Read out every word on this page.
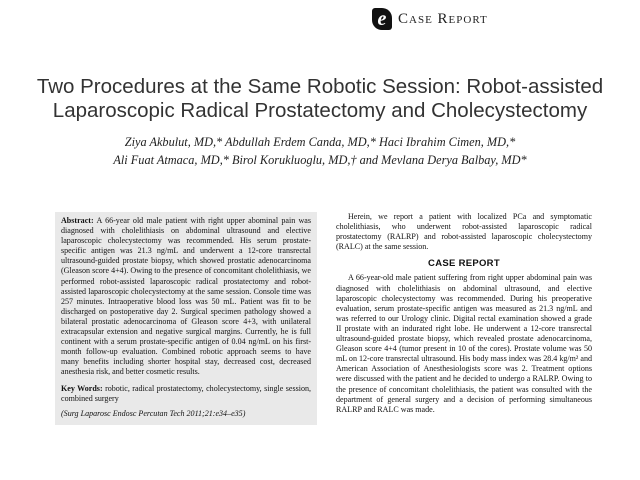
e Case Report
Two Procedures at the Same Robotic Session: Robot-assisted Laparoscopic Radical Prostatectomy and Cholecystectomy
Ziya Akbulut, MD,* Abdullah Erdem Canda, MD,* Haci Ibrahim Cimen, MD,*
Ali Fuat Atmaca, MD,* Birol Korukluoglu, MD,† and Mevlana Derya Balbay, MD*

Abstract: A 66-year old male patient with right upper abominal pain was diagnosed with cholelithiasis on abdominal ultrasound and elective laparoscopic cholecystectomy was recommended. His serum prostate-specific antigen was 21.3 ng/mL and underwent a 12-core transrectal ultrasound-guided prostate biopsy, which showed prostatic adenocarcinoma (Gleason score 4+4). Owing to the presence of concomitant cholelithiasis, we performed robot-assisted laparoscopic radical prostatectomy and robot-assisted laparoscopic cholecystectomy at the same session. Console time was 257 minutes. Intraoperative blood loss was 50 mL. Patient was fit to be discharged on postoperative day 2. Surgical specimen pathology showed a bilateral prostatic adenocarcinoma of Gleason score 4+3, with unilateral extracapsular extension and negative surgical margins. Currently, he is full continent with a serum prostate-specific antigen of 0.04 ng/mL on his first-month follow-up evaluation. Combined robotic approach seems to have many benefits including shorter hospital stay, decreased cost, decreased anesthesia risk, and better cosmetic results.

Key Words: robotic, radical prostatectomy, cholecystectomy, single session, combined surgery

(Surg Laparosc Endosc Percutan Tech 2011;21:e34–e35)

Herein, we report a patient with localized PCa and symptomatic cholelithiasis, who underwent robot-assisted laparoscopic radical prostatectomy (RALRP) and robot-assisted laparoscopic cholecystectomy (RALC) at the same session.

CASE REPORT

A 66-year-old male patient suffering from right upper abdominal pain was diagnosed with cholelithiasis on abdominal ultrasound, and elective laparoscopic cholecystectomy was recommended. During his preoperative evaluation, serum prostate-specific antigen was measured as 21.3 ng/mL and was referred to our Urology clinic. Digital rectal examination showed a grade II prostate with an indurated right lobe. He underwent a 12-core transrectal ultrasound-guided prostate biopsy, which revealed prostate adenocarcinoma, Gleason score 4+4 (tumor present in 10 of the cores). Prostate volume was 50 mL on 12-core transrectal ultrasound. His body mass index was 28.4 kg/m² and American Association of Anesthesiologists score was 2. Treatment options were discussed with the patient and he decided to undergo a RALRP. Owing to the presence of concomitant cholelithiasis, the patient was consulted with the department of general surgery and a decision of performing simultaneous RALRP and RALC was made.
